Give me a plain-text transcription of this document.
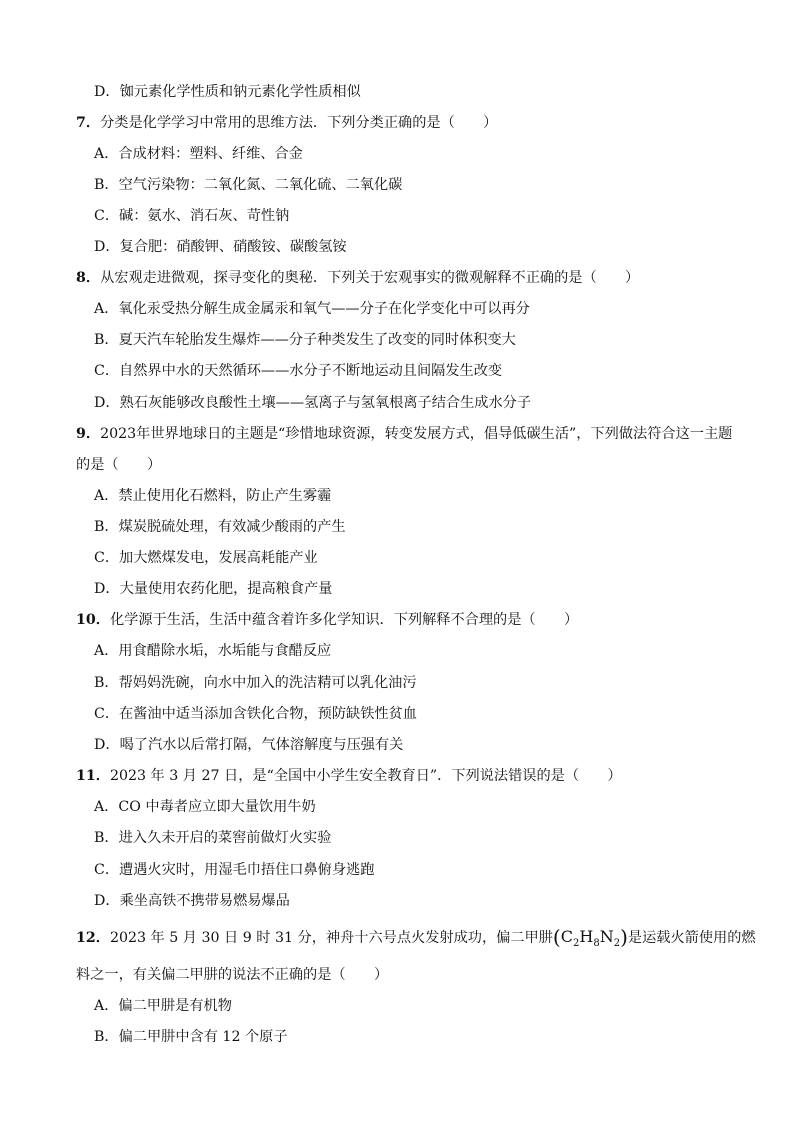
D．铷元素化学性质和钠元素化学性质相似
7．分类是化学学习中常用的思维方法．下列分类正确的是（　　）
A．合成材料：塑料、纤维、合金
B．空气污染物：二氧化氮、二氧化硫、二氧化碳
C．碱：氨水、消石灰、苛性钠
D．复合肥：硝酸钾、硝酸铵、碳酸氢铵
8．从宏观走进微观，探寻变化的奥秘．下列关于宏观事实的微观解释不正确的是（　　）
A．氧化汞受热分解生成金属汞和氧气——分子在化学变化中可以再分
B．夏天汽车轮胎发生爆炸——分子种类发生了改变的同时体积变大
C．自然界中水的天然循环——水分子不断地运动且间隔发生改变
D．熟石灰能够改良酸性土壤——氢离子与氢氧根离子结合生成水分子
9．2023年世界地球日的主题是“珍惜地球资源，转变发展方式，倡导低碳生活”，下列做法符合这一主题
的是（　　）
A．禁止使用化石燃料，防止产生雾霾
B．煤炭脱硫处理，有效减少酸雨的产生
C．加大燃煤发电，发展高耗能产业
D．大量使用农药化肥，提高粮食产量
10．化学源于生活，生活中蕴含着许多化学知识．下列解释不合理的是（　　）
A．用食醋除水垢，水垢能与食醋反应
B．帮妈妈洗碗，向水中加入的洗洁精可以乳化油污
C．在酱油中适当添加含铁化合物，预防缺铁性贫血
D．喝了汽水以后常打隔，气体溶解度与压强有关
11．2023 年 3 月 27 日，是“全国中小学生安全教育日”．下列说法错误的是（　　）
A．CO 中毒者应立即大量饮用牛奶
B．进入久未开启的菜窖前做灯火实验
C．遭遇火灾时，用湿毛巾捂住口鼻俯身逃跑
D．乘坐高铁不携带易燃易爆品
12．2023 年 5 月 30 日 9 时 31 分，神舟十六号点火发射成功，偏二甲肼$(C_2H_8N_2)$是运载火箭使用的燃
料之一，有关偏二甲肼的说法不正确的是（　　）
A．偏二甲肼是有机物
B．偏二甲肼中含有 12 个原子
